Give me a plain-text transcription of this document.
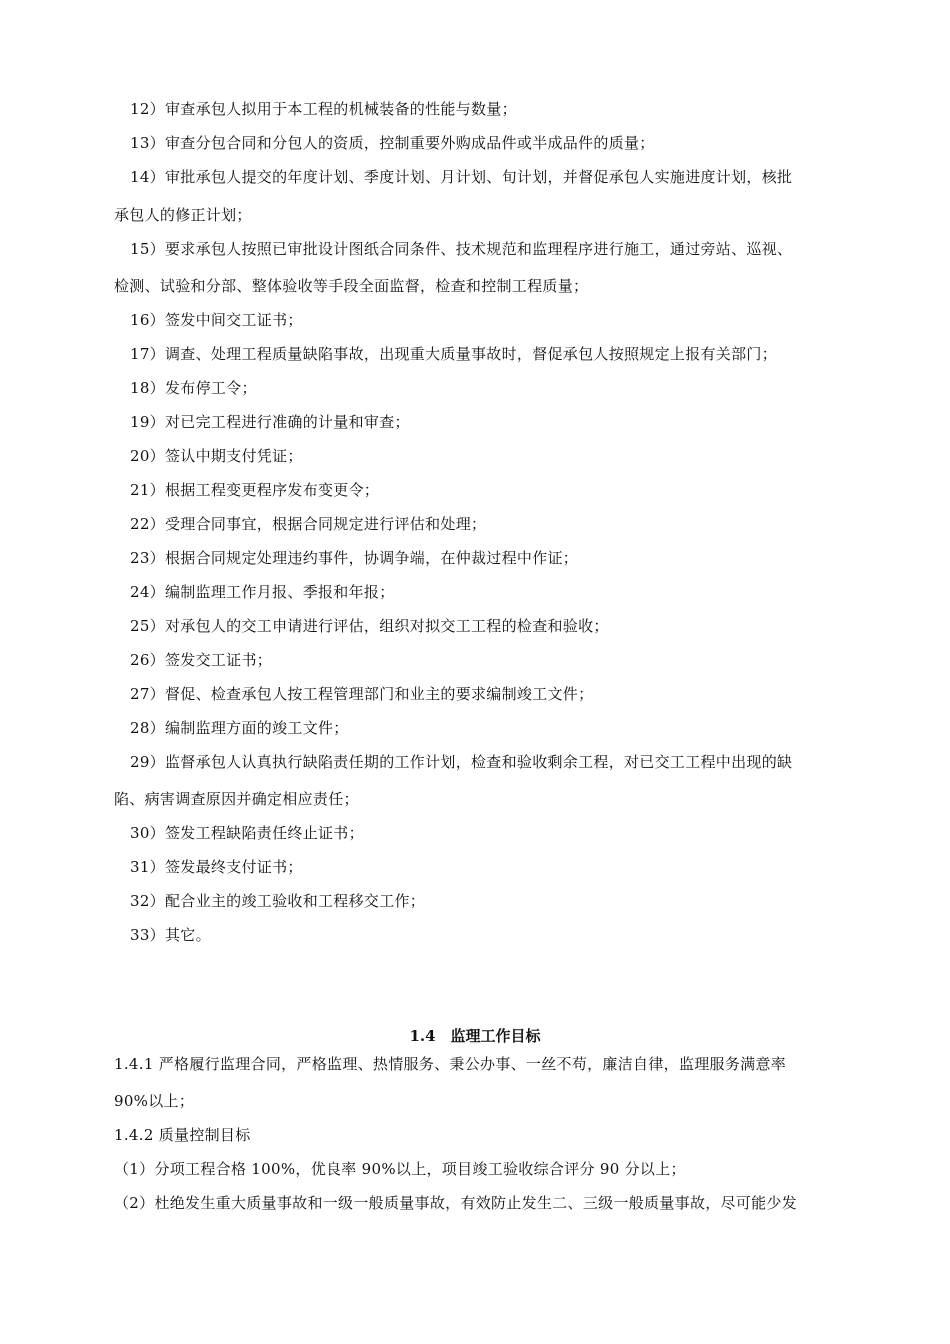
12）审查承包人拟用于本工程的机械装备的性能与数量；
13）审查分包合同和分包人的资质，控制重要外购成品件或半成品件的质量；
14）审批承包人提交的年度计划、季度计划、月计划、旬计划，并督促承包人实施进度计划，核批
承包人的修正计划；
15）要求承包人按照已审批设计图纸合同条件、技术规范和监理程序进行施工，通过旁站、巡视、
检测、试验和分部、整体验收等手段全面监督，检查和控制工程质量；
16）签发中间交工证书；
17）调查、处理工程质量缺陷事故，出现重大质量事故时，督促承包人按照规定上报有关部门；
18）发布停工令；
19）对已完工程进行准确的计量和审查；
20）签认中期支付凭证；
21）根据工程变更程序发布变更令；
22）受理合同事宜，根据合同规定进行评估和处理；
23）根据合同规定处理违约事件，协调争端，在仲裁过程中作证；
24）编制监理工作月报、季报和年报；
25）对承包人的交工申请进行评估，组织对拟交工工程的检查和验收；
26）签发交工证书；
27）督促、检查承包人按工程管理部门和业主的要求编制竣工文件；
28）编制监理方面的竣工文件；
29）监督承包人认真执行缺陷责任期的工作计划，检查和验收剩余工程，对已交工工程中出现的缺
陷、病害调查原因并确定相应责任；
30）签发工程缺陷责任终止证书；
31）签发最终支付证书；
32）配合业主的竣工验收和工程移交工作；
33）其它。
1.4　监理工作目标
1.4.1 严格履行监理合同，严格监理、热情服务、秉公办事、一丝不苟，廉洁自律，监理服务满意率
90%以上；
1.4.2 质量控制目标
（1）分项工程合格 100%，优良率 90%以上，项目竣工验收综合评分 90 分以上；
（2）杜绝发生重大质量事故和一级一般质量事故，有效防止发生二、三级一般质量事故，尽可能少发
